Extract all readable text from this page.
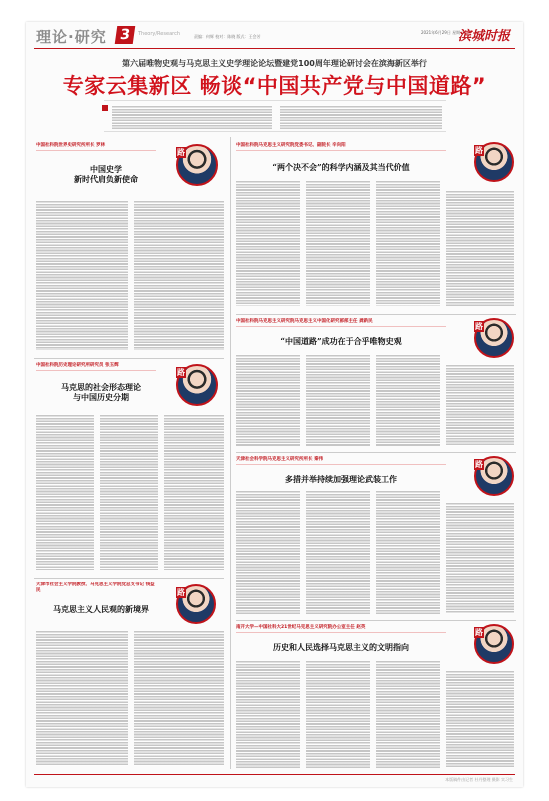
理论·研究 3	Theory/Research	责编：何辉 校对：陈晓 版式：王会芳
2021年6月29日 星期二
滨城时报
第六届唯物史观与马克思主义史学理论论坛暨建党100周年理论研讨会在滨海新区举行
专家云集新区 畅谈“中国共产党与中国道路”
中国社科院世界史研究所所长 罗林
中国史学
新时代肩负新使命
路
中国社科院历史理论研究所研究员 张玉辉
马克思的社会形态理论
与中国历史分期
路
天津市社会主义学院教授、马克思主义学院党总支书记 钱益民
马克思主义人民观的新境界
路
中国社科院马克思主义研究院党委书记、副院长 辛向阳
“两个决不会”的科学内涵及其当代价值
路
中国社科院马克思主义研究院马克思主义中国化研究部部主任 龚新民
“中国道路”成功在于合乎唯物史观
路
天津社会科学院马克思主义研究所所长 秦伟
多措并举持续加强理论武装工作
路
南开大学—中国社科大21世纪马克思主义研究院办公室主任 赵英
历史和人民选择马克思主义的文明指向
路
本版稿件由记者 杜丹整理 摄影 实习生
